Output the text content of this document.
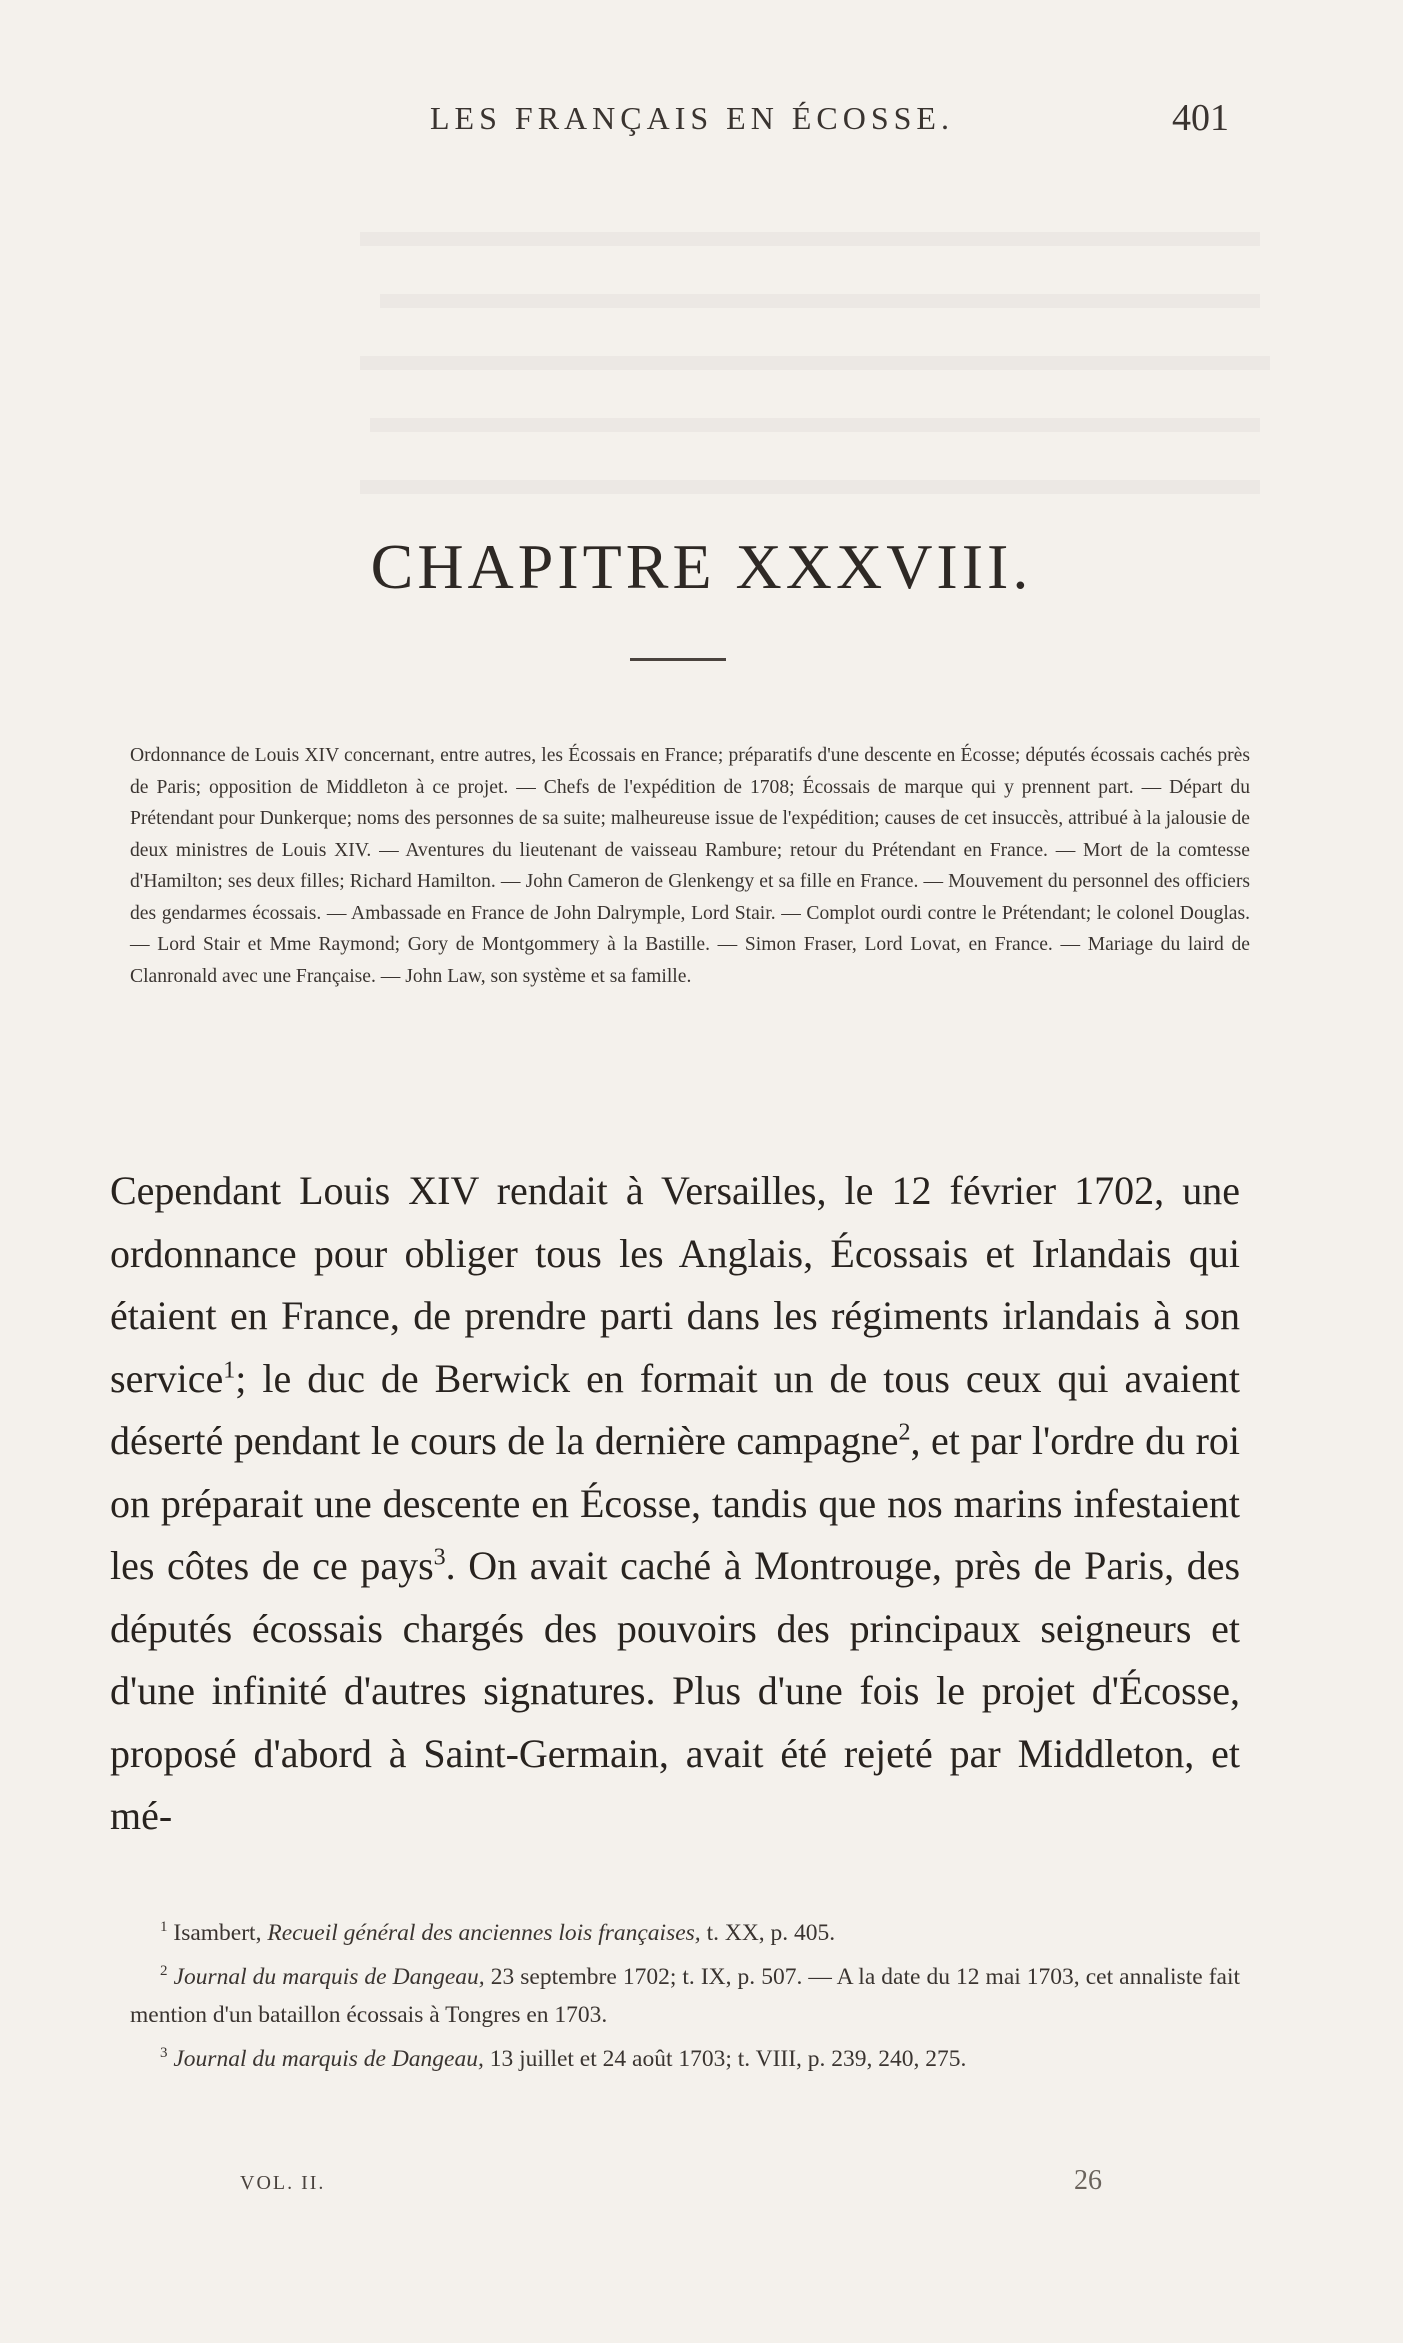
LES FRANÇAIS EN ÉCOSSE.	401
CHAPITRE XXXVIII.
Ordonnance de Louis XIV concernant, entre autres, les Écossais en France; préparatifs d'une descente en Écosse; députés écossais cachés près de Paris; opposition de Middleton à ce projet. — Chefs de l'expédition de 1708; Écossais de marque qui y prennent part. — Départ du Prétendant pour Dunkerque; noms des personnes de sa suite; malheureuse issue de l'expédition; causes de cet insuccès, attribué à la jalousie de deux ministres de Louis XIV. — Aventures du lieutenant de vaisseau Rambure; retour du Prétendant en France. — Mort de la comtesse d'Hamilton; ses deux filles; Richard Hamilton. — John Cameron de Glenkengy et sa fille en France. — Mouvement du personnel des officiers des gendarmes écossais. — Ambassade en France de John Dalrymple, Lord Stair. — Complot ourdi contre le Prétendant; le colonel Douglas. — Lord Stair et Mme Raymond; Gory de Montgommery à la Bastille. — Simon Fraser, Lord Lovat, en France. — Mariage du laird de Clanronald avec une Française. — John Law, son système et sa famille.
Cependant Louis XIV rendait à Versailles, le 12 février 1702, une ordonnance pour obliger tous les Anglais, Écossais et Irlandais qui étaient en France, de prendre parti dans les régiments irlandais à son service$^1$; le duc de Berwick en formait un de tous ceux qui avaient déserté pendant le cours de la dernière campagne$^2$, et par l'ordre du roi on préparait une descente en Écosse, tandis que nos marins infestaient les côtes de ce pays$^3$. On avait caché à Montrouge, près de Paris, des députés écossais chargés des pouvoirs des principaux seigneurs et d'une infinité d'autres signatures. Plus d'une fois le projet d'Écosse, proposé d'abord à Saint-Germain, avait été rejeté par Middleton, et mé-

$^1$ Isambert, Recueil général des anciennes lois françaises, t. XX, p. 405.

$^2$ Journal du marquis de Dangeau, 23 septembre 1702; t. IX, p. 507. — A la date du 12 mai 1703, cet annaliste fait mention d'un bataillon écossais à Tongres en 1703.

$^3$ Journal du marquis de Dangeau, 13 juillet et 24 août 1703; t. VIII, p. 239, 240, 275.

VOL. II.	26
